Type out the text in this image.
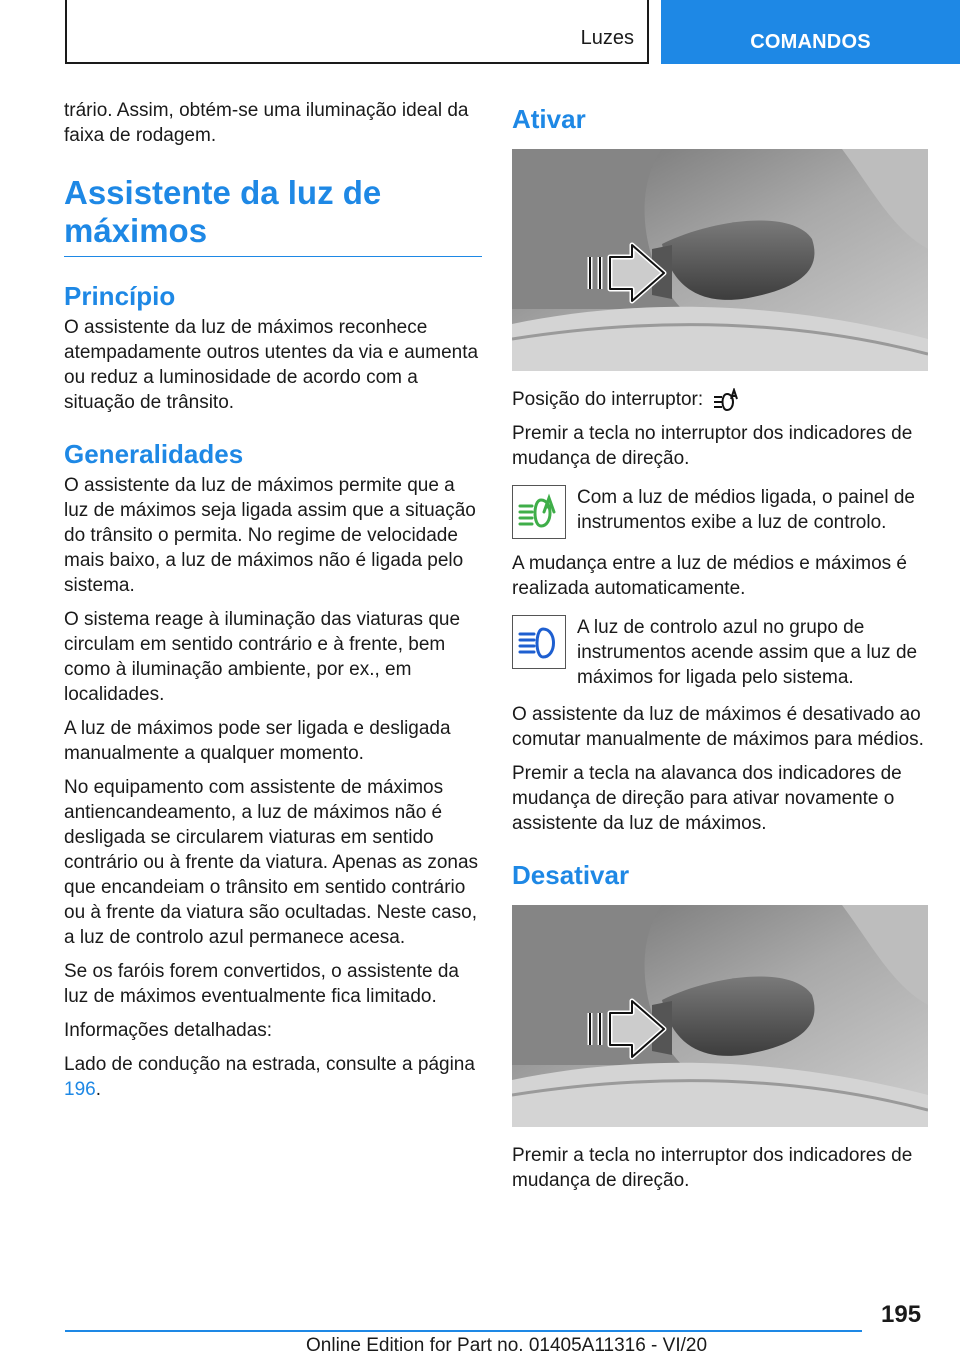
Luzes	COMANDOS

trário. Assim, obtém-se uma iluminação ideal da faixa de rodagem.

Assistente da luz de máximos
Princípio

O assistente da luz de máximos reconhece atempadamente outros utentes da via e aumenta ou reduz a luminosidade de acordo com a situação de trânsito.

Generalidades

O assistente da luz de máximos permite que a luz de máximos seja ligada assim que a situação do trânsito o permita. No regime de velocidade mais baixo, a luz de máximos não é ligada pelo sistema.

O sistema reage à iluminação das viaturas que circulam em sentido contrário e à frente, bem como à iluminação ambiente, por ex., em localidades.

A luz de máximos pode ser ligada e desligada manualmente a qualquer momento.

No equipamento com assistente de máximos antiencandeamento, a luz de máximos não é desligada se circularem viaturas em sentido contrário ou à frente da viatura. Apenas as zonas que encandeiam o trânsito em sentido contrário ou à frente da viatura são ocultadas. Neste caso, a luz de controlo azul permanece acesa.

Se os faróis forem convertidos, o assistente da luz de máximos eventualmente fica limitado.

Informações detalhadas:

Lado de condução na estrada, consulte a página 196.

Ativar

Posição do interruptor:

Premir a tecla no interruptor dos indicadores de mudança de direção.

Com a luz de médios ligada, o painel de instrumentos exibe a luz de controlo.

A mudança entre a luz de médios e máximos é realizada automaticamente.

A luz de controlo azul no grupo de instrumentos acende assim que a luz de máximos for ligada pelo sistema.

O assistente da luz de máximos é desativado ao comutar manualmente de máximos para médios.

Premir a tecla na alavanca dos indicadores de mudança de direção para ativar novamente o assistente da luz de máximos.

Desativar

Premir a tecla no interruptor dos indicadores de mudança de direção.

195
Online Edition for Part no. 01405A11316 - VI/20
